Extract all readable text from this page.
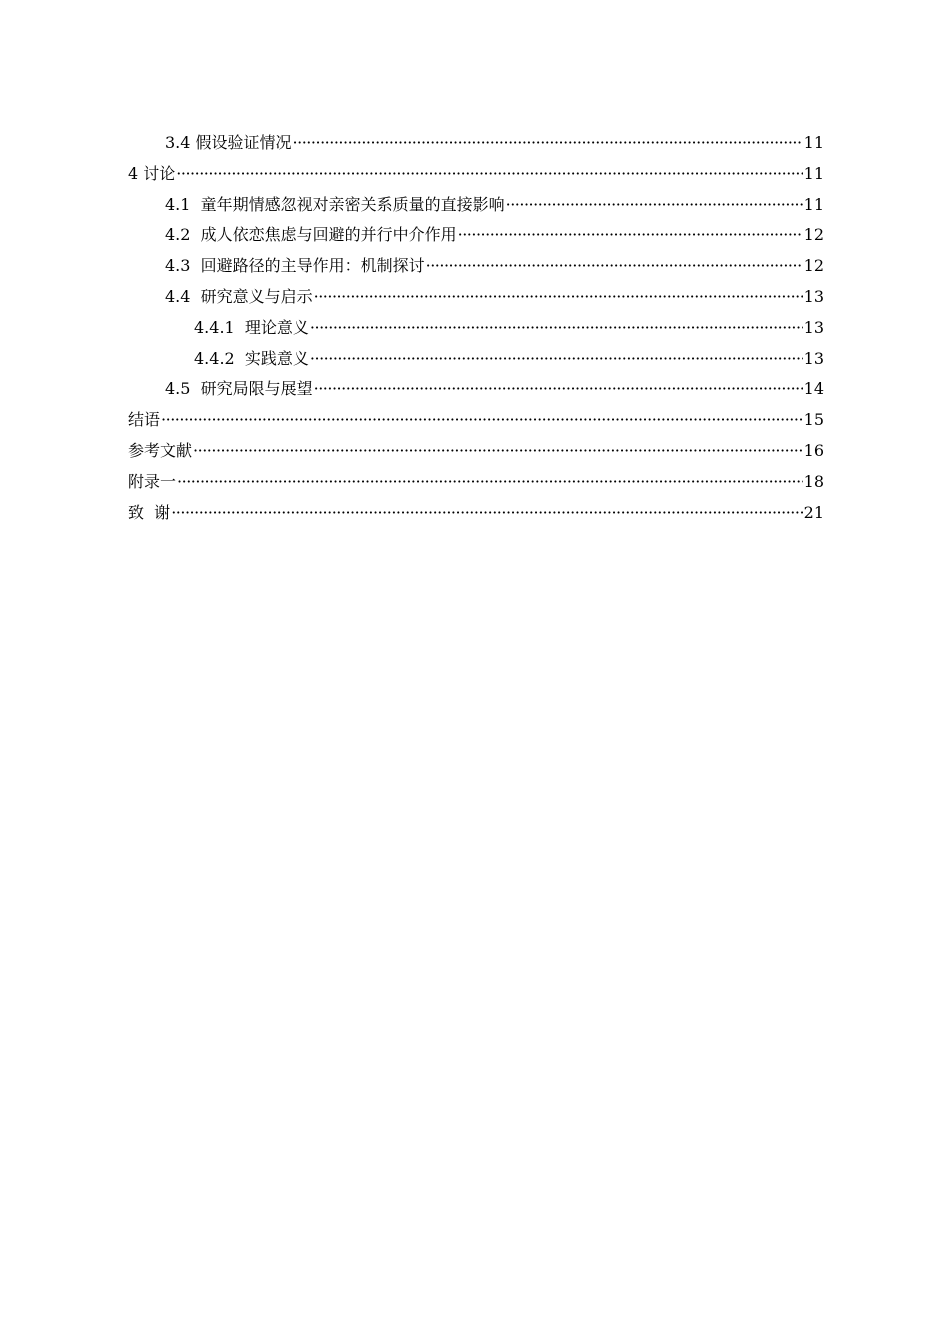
3.4 假设验证情况 ·····	11
4 讨论 ·····	11
4.1  童年期情感忽视对亲密关系质量的直接影响 ·····	11
4.2  成人依恋焦虑与回避的并行中介作用 ·····	12
4.3  回避路径的主导作用：机制探讨 ·····	12
4.4  研究意义与启示 ·····	13
4.4.1  理论意义 ·····	13
4.4.2  实践意义 ·····	13
4.5  研究局限与展望 ·····	14
结语 ·····	15
参考文献 ·····	16
附录一 ·····	18
致  谢 ·····	21
